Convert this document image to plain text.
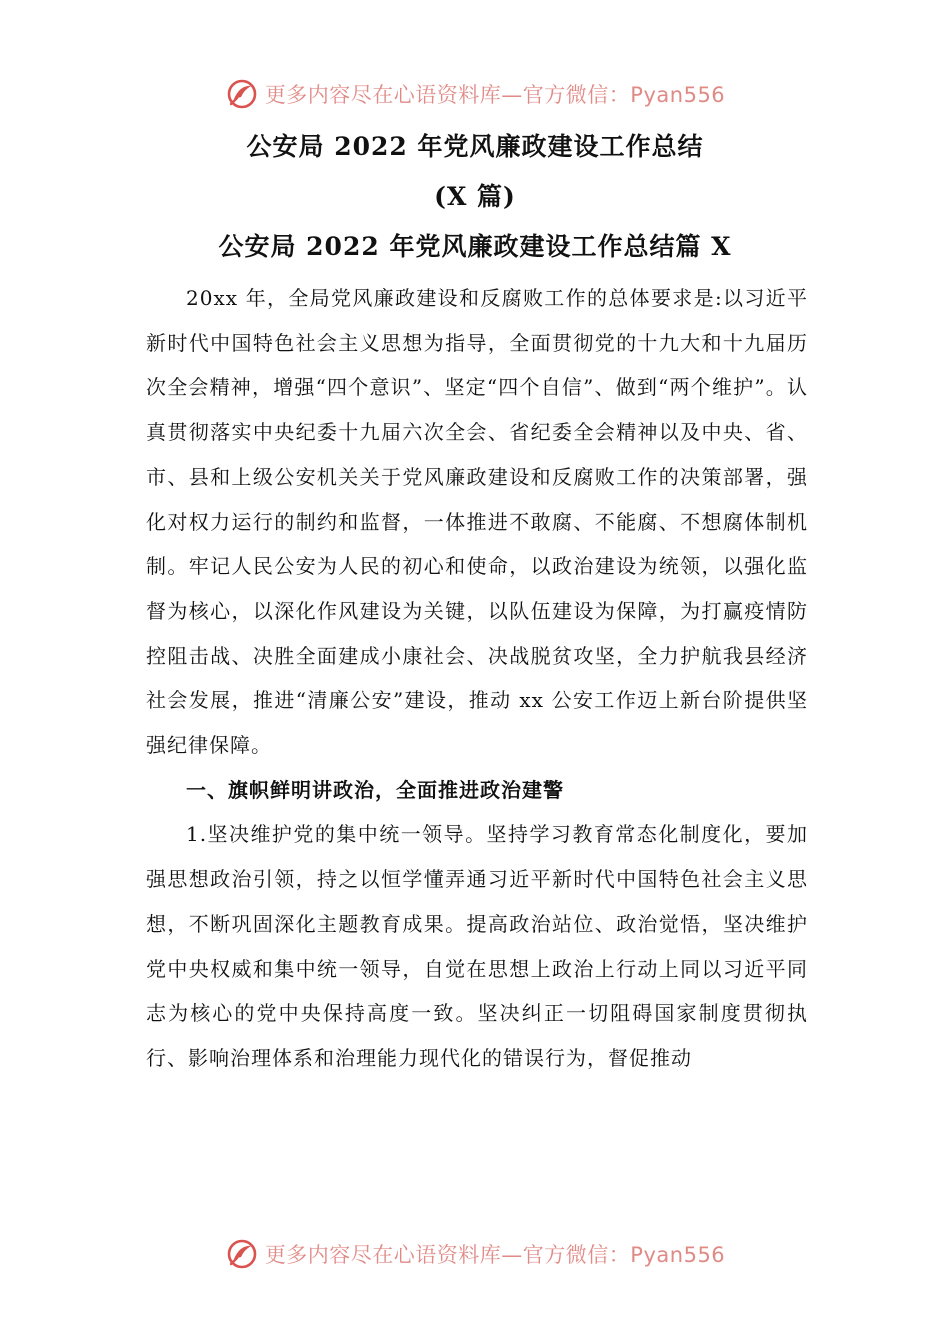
更多内容尽在心语资料库—官方微信：Pyan556
公安局 2022 年党风廉政建设工作总结
(X 篇)
公安局 2022 年党风廉政建设工作总结篇 X

20xx 年，全局党风廉政建设和反腐败工作的总体要求是:以习近平新时代中国特色社会主义思想为指导，全面贯彻党的十九大和十九届历次全会精神，增强“四个意识”、坚定“四个自信”、做到“两个维护”。认真贯彻落实中央纪委十九届六次全会、省纪委全会精神以及中央、省、市、县和上级公安机关关于党风廉政建设和反腐败工作的决策部署，强化对权力运行的制约和监督，一体推进不敢腐、不能腐、不想腐体制机制。牢记人民公安为人民的初心和使命，以政治建设为统领，以强化监督为核心，以深化作风建设为关键，以队伍建设为保障，为打赢疫情防控阻击战、决胜全面建成小康社会、决战脱贫攻坚，全力护航我县经济社会发展，推进“清廉公安”建设，推动 xx 公安工作迈上新台阶提供坚强纪律保障。

一、旗帜鲜明讲政治，全面推进政治建警

1.坚决维护党的集中统一领导。坚持学习教育常态化制度化，要加强思想政治引领，持之以恒学懂弄通习近平新时代中国特色社会主义思想，不断巩固深化主题教育成果。提高政治站位、政治觉悟，坚决维护党中央权威和集中统一领导，自觉在思想上政治上行动上同以习近平同志为核心的党中央保持高度一致。坚决纠正一切阻碍国家制度贯彻执行、影响治理体系和治理能力现代化的错误行为，督促推动

更多内容尽在心语资料库—官方微信：Pyan556
